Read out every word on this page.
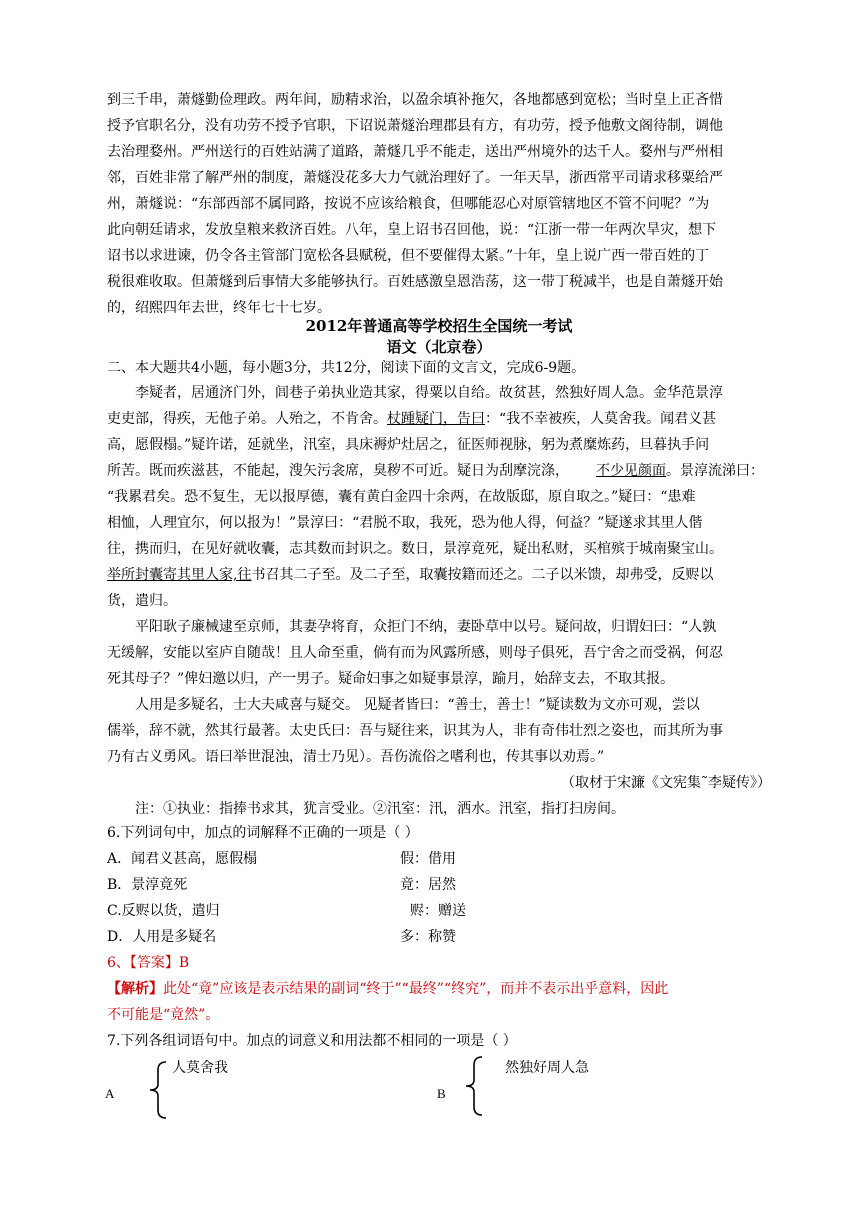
到三千串，萧燧勤俭理政。两年间，励精求治，以盈余填补拖欠，各地都感到宽松；当时皇上正吝惜
授予官职名分，没有功劳不授予官职，下诏说萧燧治理郡县有方，有功劳，授予他敷文阁待制，调他
去治理婺州。严州送行的百姓站满了道路，萧燧几乎不能走，送出严州境外的达千人。婺州与严州相
邻，百姓非常了解严州的制度，萧燧没花多大力气就治理好了。一年天旱，浙西常平司请求移粟给严
州，萧燧说：“东部西部不属同路，按说不应该给粮食，但哪能忍心对原管辖地区不管不问呢？”为
此向朝廷请求，发放皇粮来救济百姓。八年，皇上诏书召回他，说：“江浙一带一年两次旱灾，想下
诏书以求进谏，仍令各主管部门宽松各县赋税，但不要催得太紧。”十年，皇上说广西一带百姓的丁
税很难收取。但萧燧到后事情大多能够执行。百姓感激皇恩浩荡，这一带丁税减半，也是自萧燧开始
的，绍熙四年去世，终年七十七岁。
2012年普通高等学校招生全国统一考试
语文（北京卷）
二、本大题共4小题，每小题3分，共12分，阅读下面的文言文，完成6-9题。
李疑者，居通济门外，闾巷子弟执业造其家，得粟以自给。故贫甚，然独好周人急。金华范景淳
吏吏部，得疾，无他子弟。人殆之，不肯舍。杖踵疑门，告曰：“我不幸被疾，人莫舍我。闻君义甚
高，愿假榻。”疑许诺，延就坐，汛室，具床褥炉灶居之，征医师视脉，躬为煮糜炼药，旦暮执手问
所苦。既而疾滋甚，不能起，溲矢污衾席，臭秽不可近。疑日为刮摩浣涤，	不少见颜面。景淳流涕曰：
“我累君矣。恐不复生，无以报厚德，囊有黄白金四十余两，在故版邸，原自取之。”疑曰：“患难
相恤，人理宜尔，何以报为！”景淳曰：“君脱不取，我死，恐为他人得，何益？”疑遂求其里人偕
往，携而归，在见好就收囊，志其数而封识之。数日，景淳竟死，疑出私财，买棺殡于城南聚宝山。
举所封囊寄其里人家,往书召其二子至。及二子至，取囊按籍而还之。二子以米馈，却弗受，反赆以
货，遣归。
平阳耿子廉械逮至京师，其妻孕将育，众拒门不纳，妻卧草中以号。疑问故，归谓妇曰：“人孰
无缓解，安能以室庐自随哉！且人命至重，倘有而为风露所感，则母子俱死，吾宁舍之而受祸，何忍
死其母子？”俾妇邀以归，产一男子。疑命妇事之如疑事景淳，踰月，始辞支去，不取其报。
人用是多疑名，士大夫咸喜与疑交。 见疑者皆曰：“善士，善士！”疑读数为文亦可观，尝以
儒举，辞不就，然其行最著。太史氏曰：吾与疑往来，识其为人，非有奇伟壮烈之姿也，而其所为事
乃有古义勇风。语曰举世混浊，清士乃见）。吾伤流俗之嗜利也，传其事以劝焉。”
（取材于宋濂《文宪集˜李疑传》）
注：①执业：指捧书求其，犹言受业。②汛室：汛，洒水。汛室，指打扫房间。
6.下列词句中，加点的词解释不正确的一项是（ ）
A．闻君义甚高，愿假榻	假：借用
B．景淳竟死	竟：居然
C.反赆以货，遣归	赆：赠送
D．人用是多疑名	多：称赞
6、【答案】B
【解析】此处“竟”应该是表示结果的副词“终于”“最终”“终究”，而并不表示出乎意料，因此
不可能是“竟然”。
7.下列各组词语句中。加点的词意义和用法都不相同的一项是（ ）
A
人莫舍我
B
然独好周人急
